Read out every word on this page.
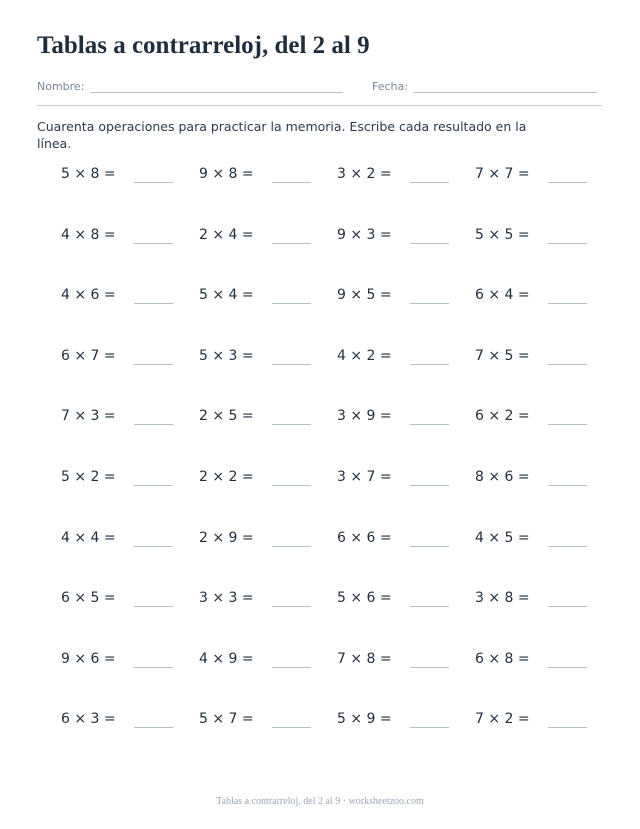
Tablas a contrarreloj, del 2 al 9
Nombre:	Fecha:
Cuarenta operaciones para practicar la memoria. Escribe cada resultado en la línea.
5 × 8 =	9 × 8 =	3 × 2 =	7 × 7 =
4 × 8 =	2 × 4 =	9 × 3 =	5 × 5 =
4 × 6 =	5 × 4 =	9 × 5 =	6 × 4 =
6 × 7 =	5 × 3 =	4 × 2 =	7 × 5 =
7 × 3 =	2 × 5 =	3 × 9 =	6 × 2 =
5 × 2 =	2 × 2 =	3 × 7 =	8 × 6 =
4 × 4 =	2 × 9 =	6 × 6 =	4 × 5 =
6 × 5 =	3 × 3 =	5 × 6 =	3 × 8 =
9 × 6 =	4 × 9 =	7 × 8 =	6 × 8 =
6 × 3 =	5 × 7 =	5 × 9 =	7 × 2 =
Tablas a contrarreloj, del 2 al 9 · worksheetzoo.com
